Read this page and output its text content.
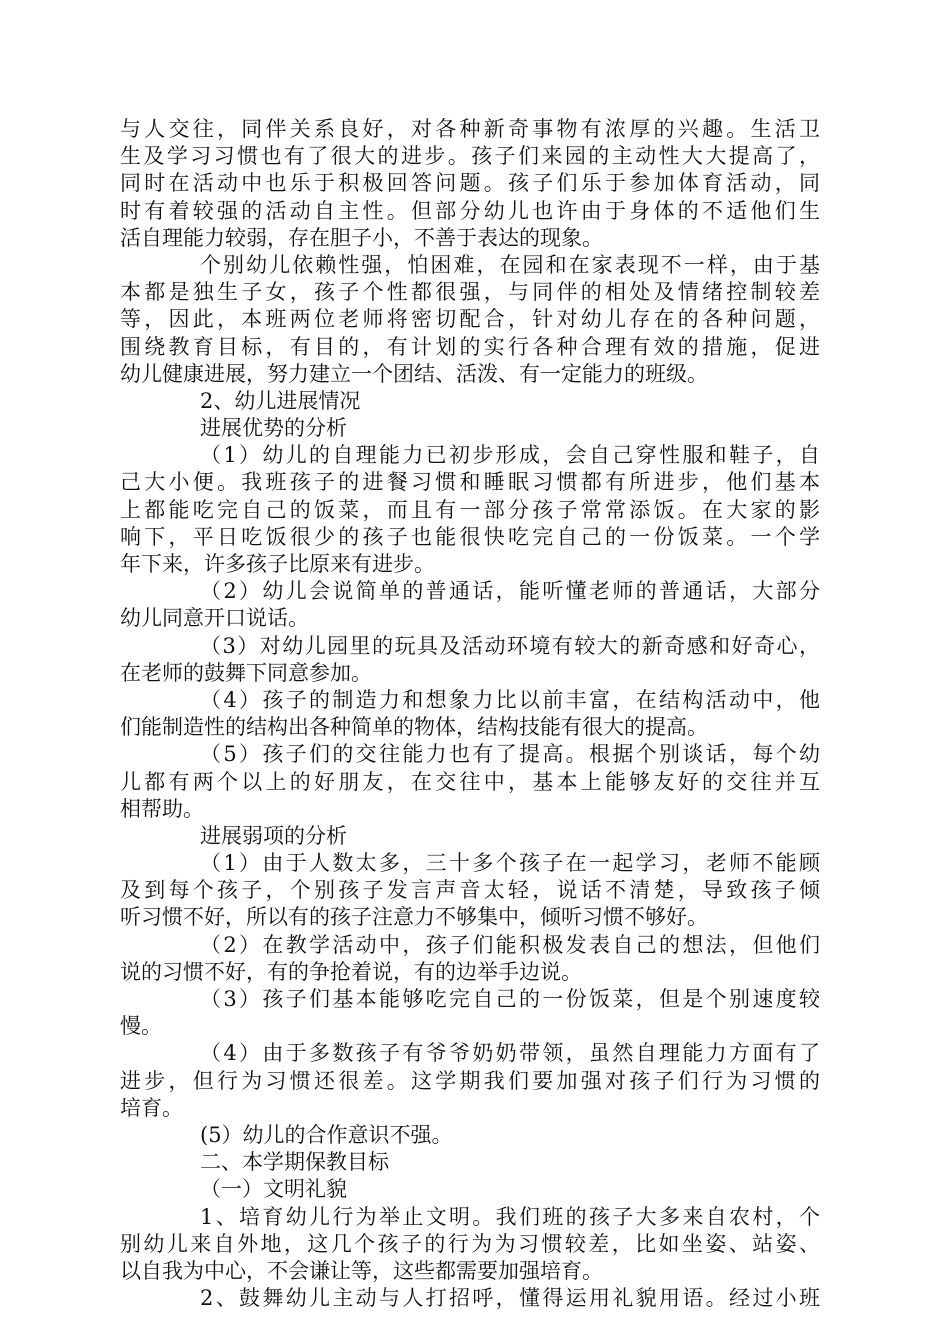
与人交往，同伴关系良好，对各种新奇事物有浓厚的兴趣。生活卫
生及学习习惯也有了很大的进步。孩子们来园的主动性大大提高了，
同时在活动中也乐于积极回答问题。孩子们乐于参加体育活动，同
时有着较强的活动自主性。但部分幼儿也许由于身体的不适他们生
活自理能力较弱，存在胆子小，不善于表达的现象。
个别幼儿依赖性强，怕困难，在园和在家表现不一样，由于基
本都是独生子女，孩子个性都很强，与同伴的相处及情绪控制较差
等，因此，本班两位老师将密切配合，针对幼儿存在的各种问题，
围绕教育目标，有目的，有计划的实行各种合理有效的措施，促进
幼儿健康进展，努力建立一个团结、活泼、有一定能力的班级。
2、幼儿进展情况
进展优势的分析
（1）幼儿的自理能力已初步形成，会自己穿性服和鞋子，自
己大小便。我班孩子的进餐习惯和睡眠习惯都有所进步，他们基本
上都能吃完自己的饭菜，而且有一部分孩子常常添饭。在大家的影
响下，平日吃饭很少的孩子也能很快吃完自己的一份饭菜。一个学
年下来，许多孩子比原来有进步。
（2）幼儿会说简单的普通话，能听懂老师的普通话，大部分
幼儿同意开口说话。
（3）对幼儿园里的玩具及活动环境有较大的新奇感和好奇心，
在老师的鼓舞下同意参加。
（4）孩子的制造力和想象力比以前丰富，在结构活动中，他
们能制造性的结构出各种简单的物体，结构技能有很大的提高。
（5）孩子们的交往能力也有了提高。根据个别谈话，每个幼
儿都有两个以上的好朋友，在交往中，基本上能够友好的交往并互
相帮助。
进展弱项的分析
（1）由于人数太多，三十多个孩子在一起学习，老师不能顾
及到每个孩子，个别孩子发言声音太轻，说话不清楚，导致孩子倾
听习惯不好，所以有的孩子注意力不够集中，倾听习惯不够好。
（2）在教学活动中，孩子们能积极发表自己的想法，但他们
说的习惯不好，有的争抢着说，有的边举手边说。
（3）孩子们基本能够吃完自己的一份饭菜，但是个别速度较
慢。
（4）由于多数孩子有爷爷奶奶带领，虽然自理能力方面有了
进步，但行为习惯还很差。这学期我们要加强对孩子们行为习惯的
培育。
(5）幼儿的合作意识不强。
二、本学期保教目标
（一）文明礼貌
1、培育幼儿行为举止文明。我们班的孩子大多来自农村，个
别幼儿来自外地，这几个孩子的行为为习惯较差，比如坐姿、站姿、
以自我为中心，不会谦让等，这些都需要加强培育。
2、鼓舞幼儿主动与人打招呼，懂得运用礼貌用语。经过小班
